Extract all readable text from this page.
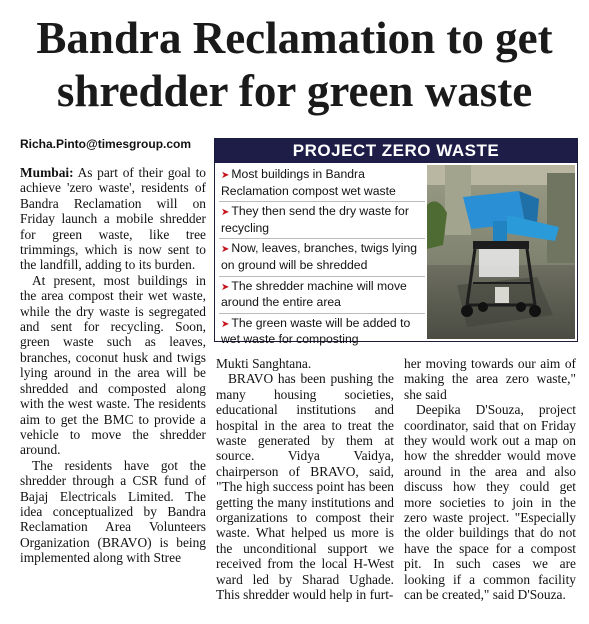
Bandra Reclamation to get
shredder for green waste
Richa.Pinto@timesgroup.com

Mumbai: As part of their goal to achieve 'zero waste', residents of Bandra Reclamation will on Friday launch a mobile shredder for green waste, like tree trimmings, which is now sent to the landfill, adding to its burden.

At present, most buildings in the area compost their wet waste, while the dry waste is segregated and sent for recycling. Soon, green waste such as leaves, branches, coconut husk and twigs lying around in the area will be shredded and composted along with the west waste. The residents aim to get the BMC to provide a vehicle to move the shredder around.

The residents have got the shredder through a CSR fund of Bajaj Electricals Limited. The idea conceptualized by Bandra Reclamation Area Volunteers Organization (BRAVO) is being implemented along with Stree

PROJECT ZERO WASTE
➤ Most buildings in Bandra Reclamation compost wet waste
➤ They then send the dry waste for recycling
➤ Now, leaves, branches, twigs lying on ground will be shredded
➤ The shredder machine will move around the entire area
➤ The green waste will be added to wet waste for composting

Mukti Sanghtana.

BRAVO has been pushing the many housing societies, educational institutions and hospital in the area to treat the waste generated by them at source. Vidya Vaidya, chairperson of BRAVO, said, "The high success point has been getting the many institutions and organizations to compost their waste. What helped us more is the unconditional support we received from the local H-West ward led by Sharad Ughade. This shredder would help in furt-

her moving towards our aim of making the area zero waste," she said

Deepika D'Souza, project coordinator, said that on Friday they would work out a map on how the shredder would move around in the area and also discuss how they could get more societies to join in the zero waste project. "Especially the older buildings that do not have the space for a compost pit. In such cases we are looking if a common facility can be created," said D'Souza.
